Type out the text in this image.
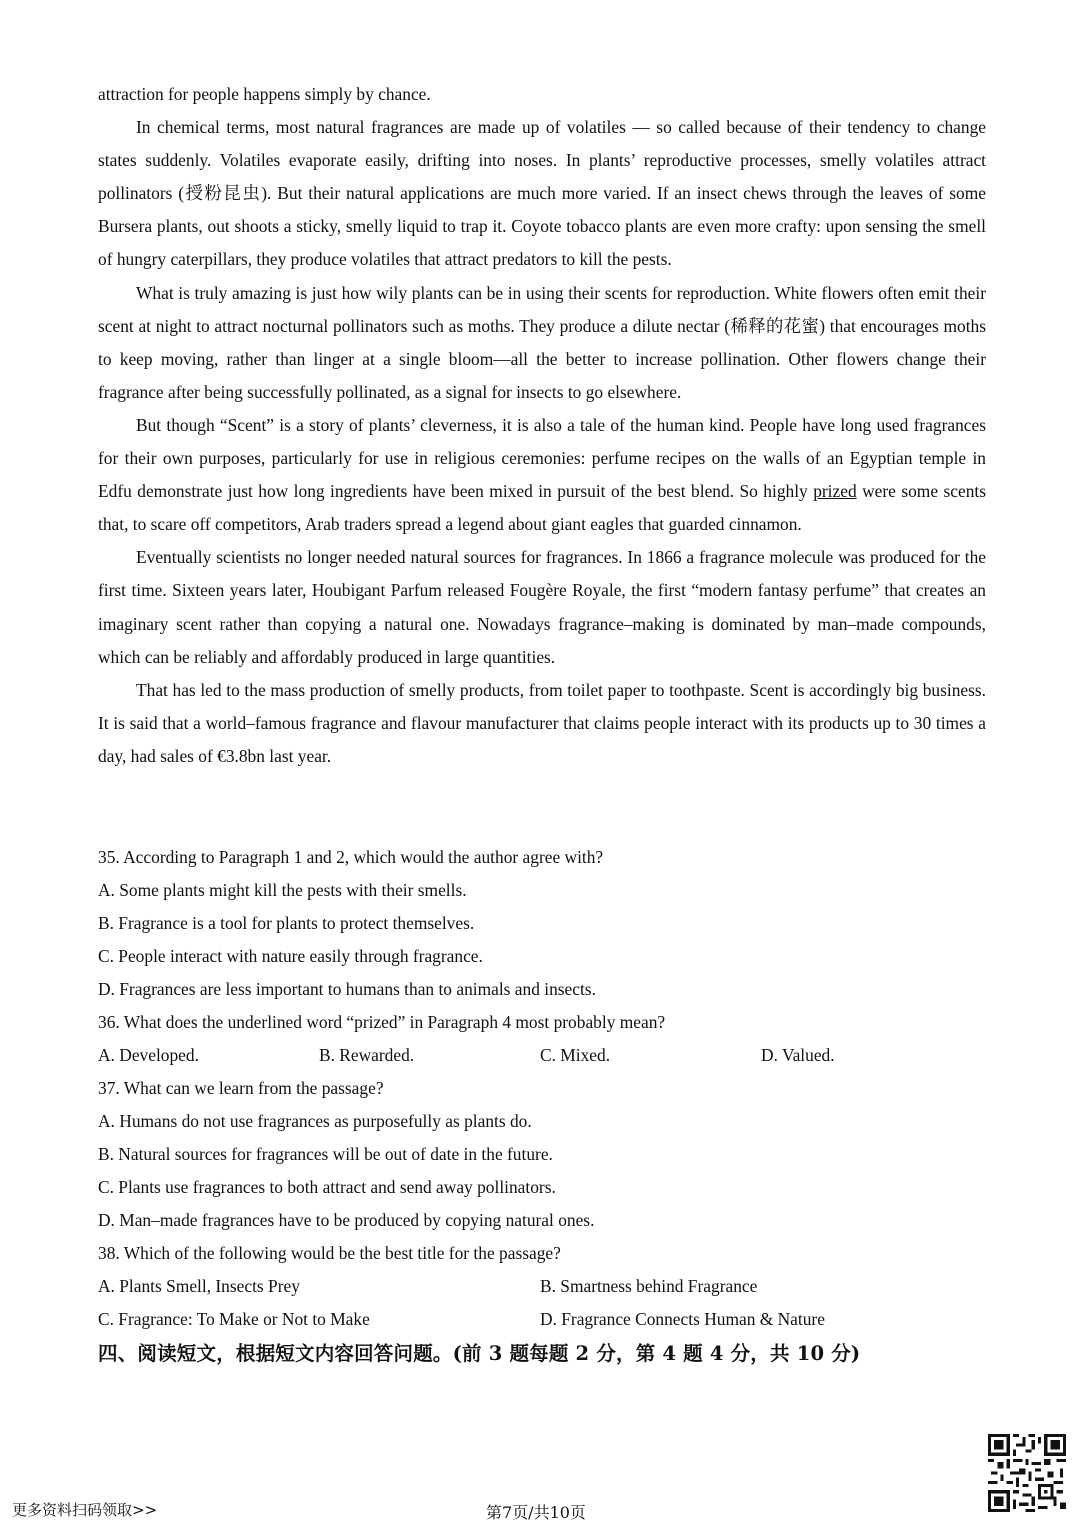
attraction for people happens simply by chance.

In chemical terms, most natural fragrances are made up of volatiles — so called because of their tendency to change states suddenly. Volatiles evaporate easily, drifting into noses. In plants’ reproductive processes, smelly volatiles attract pollinators (授粉昆虫). But their natural applications are much more varied. If an insect chews through the leaves of some Bursera plants, out shoots a sticky, smelly liquid to trap it. Coyote tobacco plants are even more crafty: upon sensing the smell of hungry caterpillars, they produce volatiles that attract predators to kill the pests.

What is truly amazing is just how wily plants can be in using their scents for reproduction. White flowers often emit their scent at night to attract nocturnal pollinators such as moths. They produce a dilute nectar (稀释的花蜜) that encourages moths to keep moving, rather than linger at a single bloom—all the better to increase pollination. Other flowers change their fragrance after being successfully pollinated, as a signal for insects to go elsewhere.

But though “Scent” is a story of plants’ cleverness, it is also a tale of the human kind. People have long used fragrances for their own purposes, particularly for use in religious ceremonies: perfume recipes on the walls of an Egyptian temple in Edfu demonstrate just how long ingredients have been mixed in pursuit of the best blend. So highly prized were some scents that, to scare off competitors, Arab traders spread a legend about giant eagles that guarded cinnamon.

Eventually scientists no longer needed natural sources for fragrances. In 1866 a fragrance molecule was produced for the first time. Sixteen years later, Houbigant Parfum released Fougère Royale, the first “modern fantasy perfume” that creates an imaginary scent rather than copying a natural one. Nowadays fragrance–making is dominated by man–made compounds, which can be reliably and affordably produced in large quantities.

That has led to the mass production of smelly products, from toilet paper to toothpaste. Scent is accordingly big business. It is said that a world–famous fragrance and flavour manufacturer that claims people interact with its products up to 30 times a day, had sales of €3.8bn last year.

35. According to Paragraph 1 and 2, which would the author agree with?
A. Some plants might kill the pests with their smells.
B. Fragrance is a tool for plants to protect themselves.
C. People interact with nature easily through fragrance.
D. Fragrances are less important to humans than to animals and insects.
36. What does the underlined word “prized” in Paragraph 4 most probably mean?
A. Developed.	B. Rewarded.	C. Mixed.	D. Valued.
37. What can we learn from the passage?
A. Humans do not use fragrances as purposefully as plants do.
B. Natural sources for fragrances will be out of date in the future.
C. Plants use fragrances to both attract and send away pollinators.
D. Man–made fragrances have to be produced by copying natural ones.
38. Which of the following would be the best title for the passage?
A. Plants Smell, Insects Prey	B. Smartness behind Fragrance
C. Fragrance: To Make or Not to Make	D. Fragrance Connects Human & Nature
四、阅读短文，根据短文内容回答问题。(前 3 题每题 2 分，第 4 题 4 分，共 10 分)
更多资料扫码领取>>	第7页/共10页
